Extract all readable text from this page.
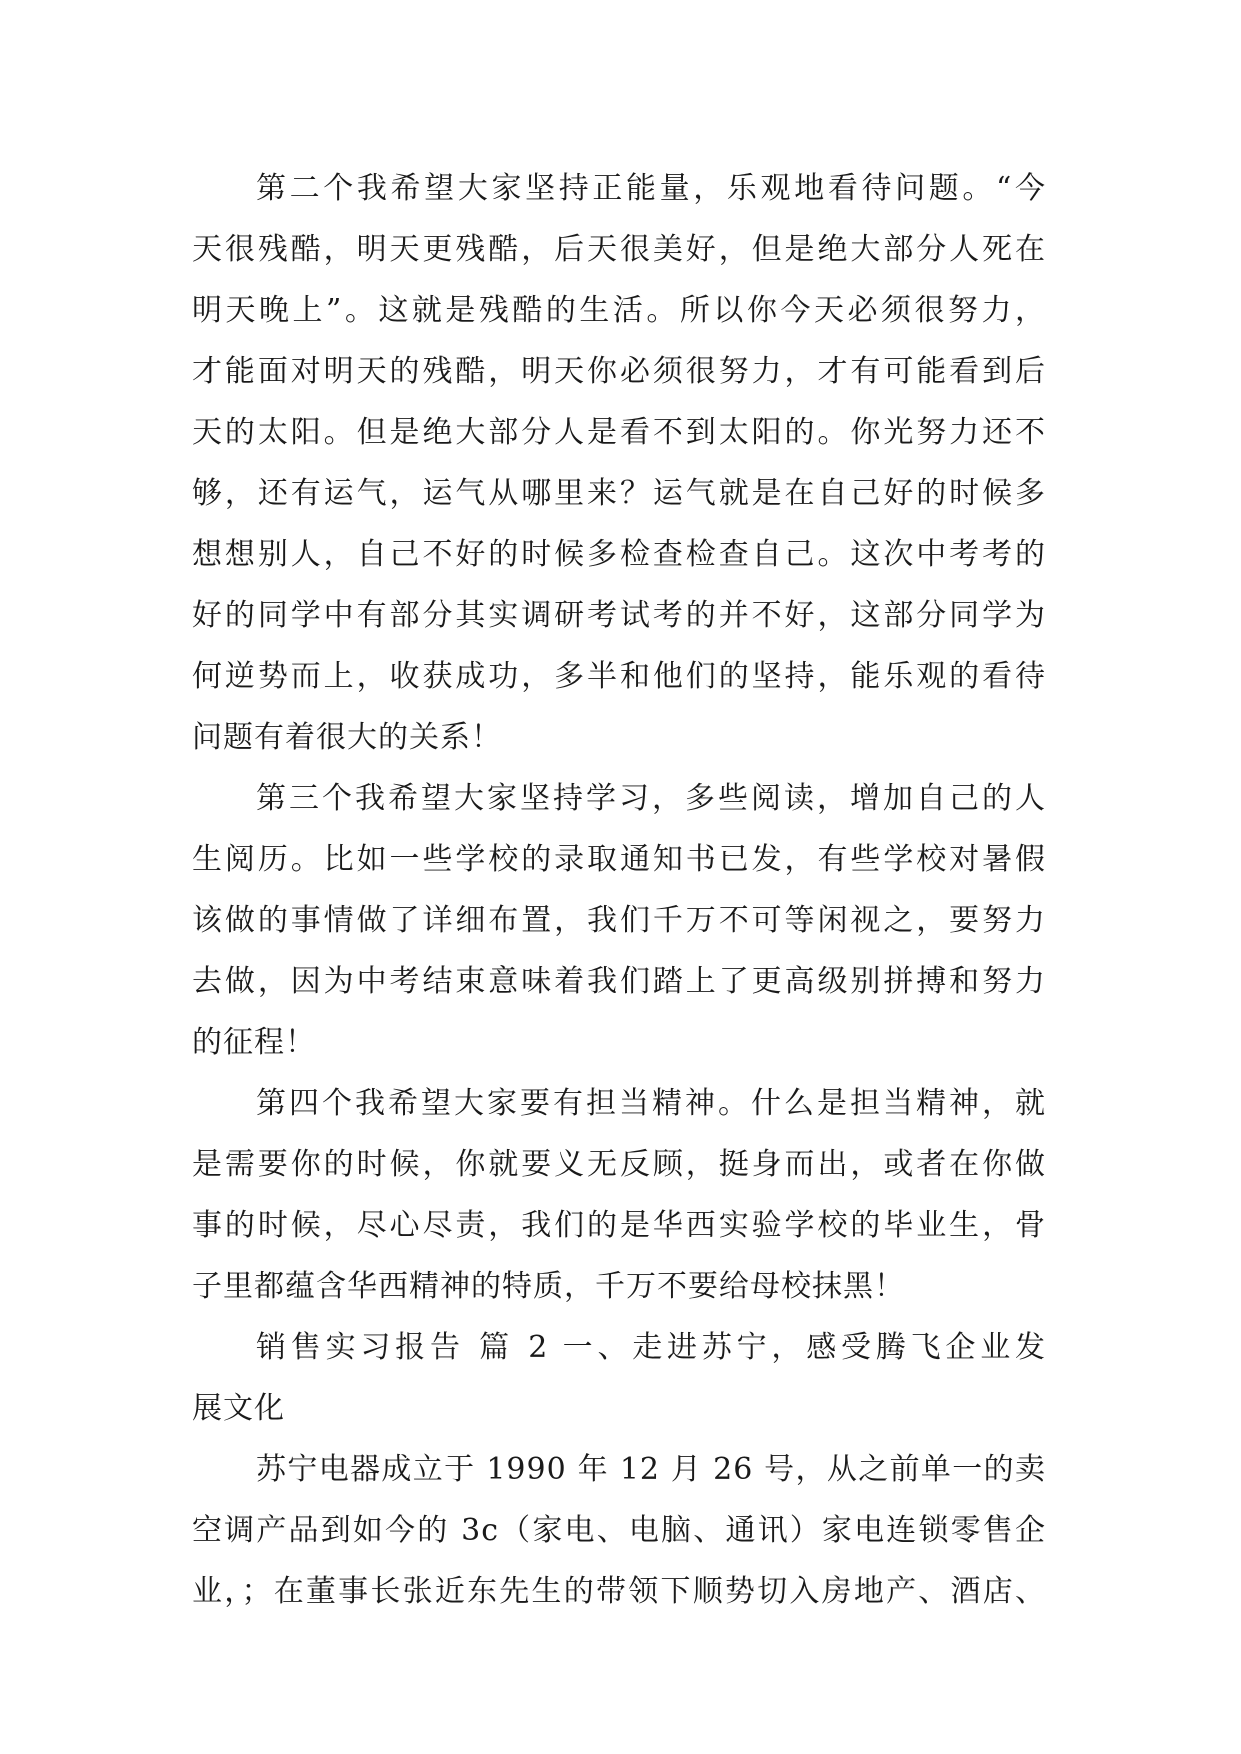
第二个我希望大家坚持正能量，乐观地看待问题。“今
天很残酷，明天更残酷，后天很美好，但是绝大部分人死在
明天晚上”。这就是残酷的生活。所以你今天必须很努力，
才能面对明天的残酷，明天你必须很努力，才有可能看到后
天的太阳。但是绝大部分人是看不到太阳的。你光努力还不
够，还有运气，运气从哪里来？运气就是在自己好的时候多
想想别人，自己不好的时候多检查检查自己。这次中考考的
好的同学中有部分其实调研考试考的并不好，这部分同学为
何逆势而上，收获成功，多半和他们的坚持，能乐观的看待
问题有着很大的关系！
第三个我希望大家坚持学习，多些阅读，增加自己的人
生阅历。比如一些学校的录取通知书已发，有些学校对暑假
该做的事情做了详细布置，我们千万不可等闲视之，要努力
去做，因为中考结束意味着我们踏上了更高级别拼搏和努力
的征程！
第四个我希望大家要有担当精神。什么是担当精神，就
是需要你的时候，你就要义无反顾，挺身而出，或者在你做
事的时候，尽心尽责，我们的是华西实验学校的毕业生，骨
子里都蕴含华西精神的特质，千万不要给母校抹黑！
销售实习报告 篇 2 一、走进苏宁，感受腾飞企业发
展文化
苏宁电器成立于 1990 年 12 月 26 号，从之前单一的卖
空调产品到如今的 3c（家电、电脑、通讯）家电连锁零售企
业，；在董事长张近东先生的带领下顺势切入房地产、酒店、
